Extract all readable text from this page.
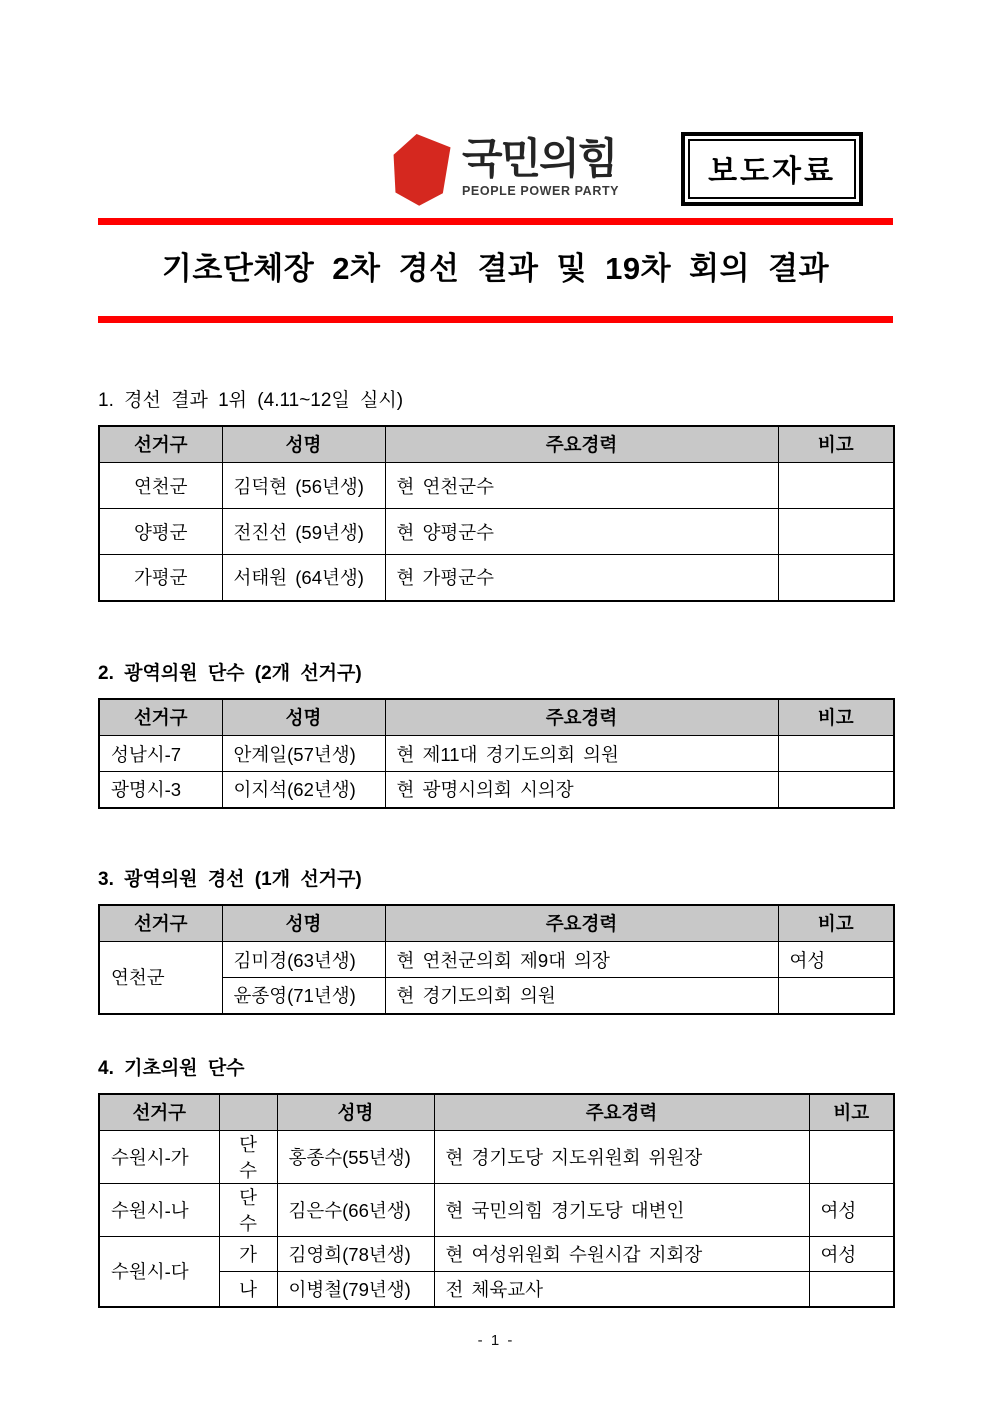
국민의힘
PEOPLE POWER PARTY
보도자료
기초단체장 2차 경선 결과 및 19차 회의 결과
1. 경선 결과 1위 (4.11~12일 실시)
선거구	성명	주요경력	비고
연천군	김덕현 (56년생)	현 연천군수	
양평군	전진선 (59년생)	현 양평군수	
가평군	서태원 (64년생)	현 가평군수	
2. 광역의원 단수 (2개 선거구)
선거구	성명	주요경력	비고
성남시-7	안계일(57년생)	현 제11대 경기도의회 의원	
광명시-3	이지석(62년생)	현 광명시의회 시의장	
3. 광역의원 경선 (1개 선거구)
선거구	성명	주요경력	비고
연천군	김미경(63년생)	현 연천군의회 제9대 의장	여성
	윤종영(71년생)	현 경기도의회 의원	
4. 기초의원 단수
선거구		성명	주요경력	비고
수원시-가	단수	홍종수(55년생)	현 경기도당 지도위원회 위원장	
수원시-나	단수	김은수(66년생)	현 국민의힘 경기도당 대변인	여성
수원시-다	가	김영희(78년생)	현 여성위원회 수원시갑 지회장	여성
	나	이병철(79년생)	전 체육교사	
- 1 -
